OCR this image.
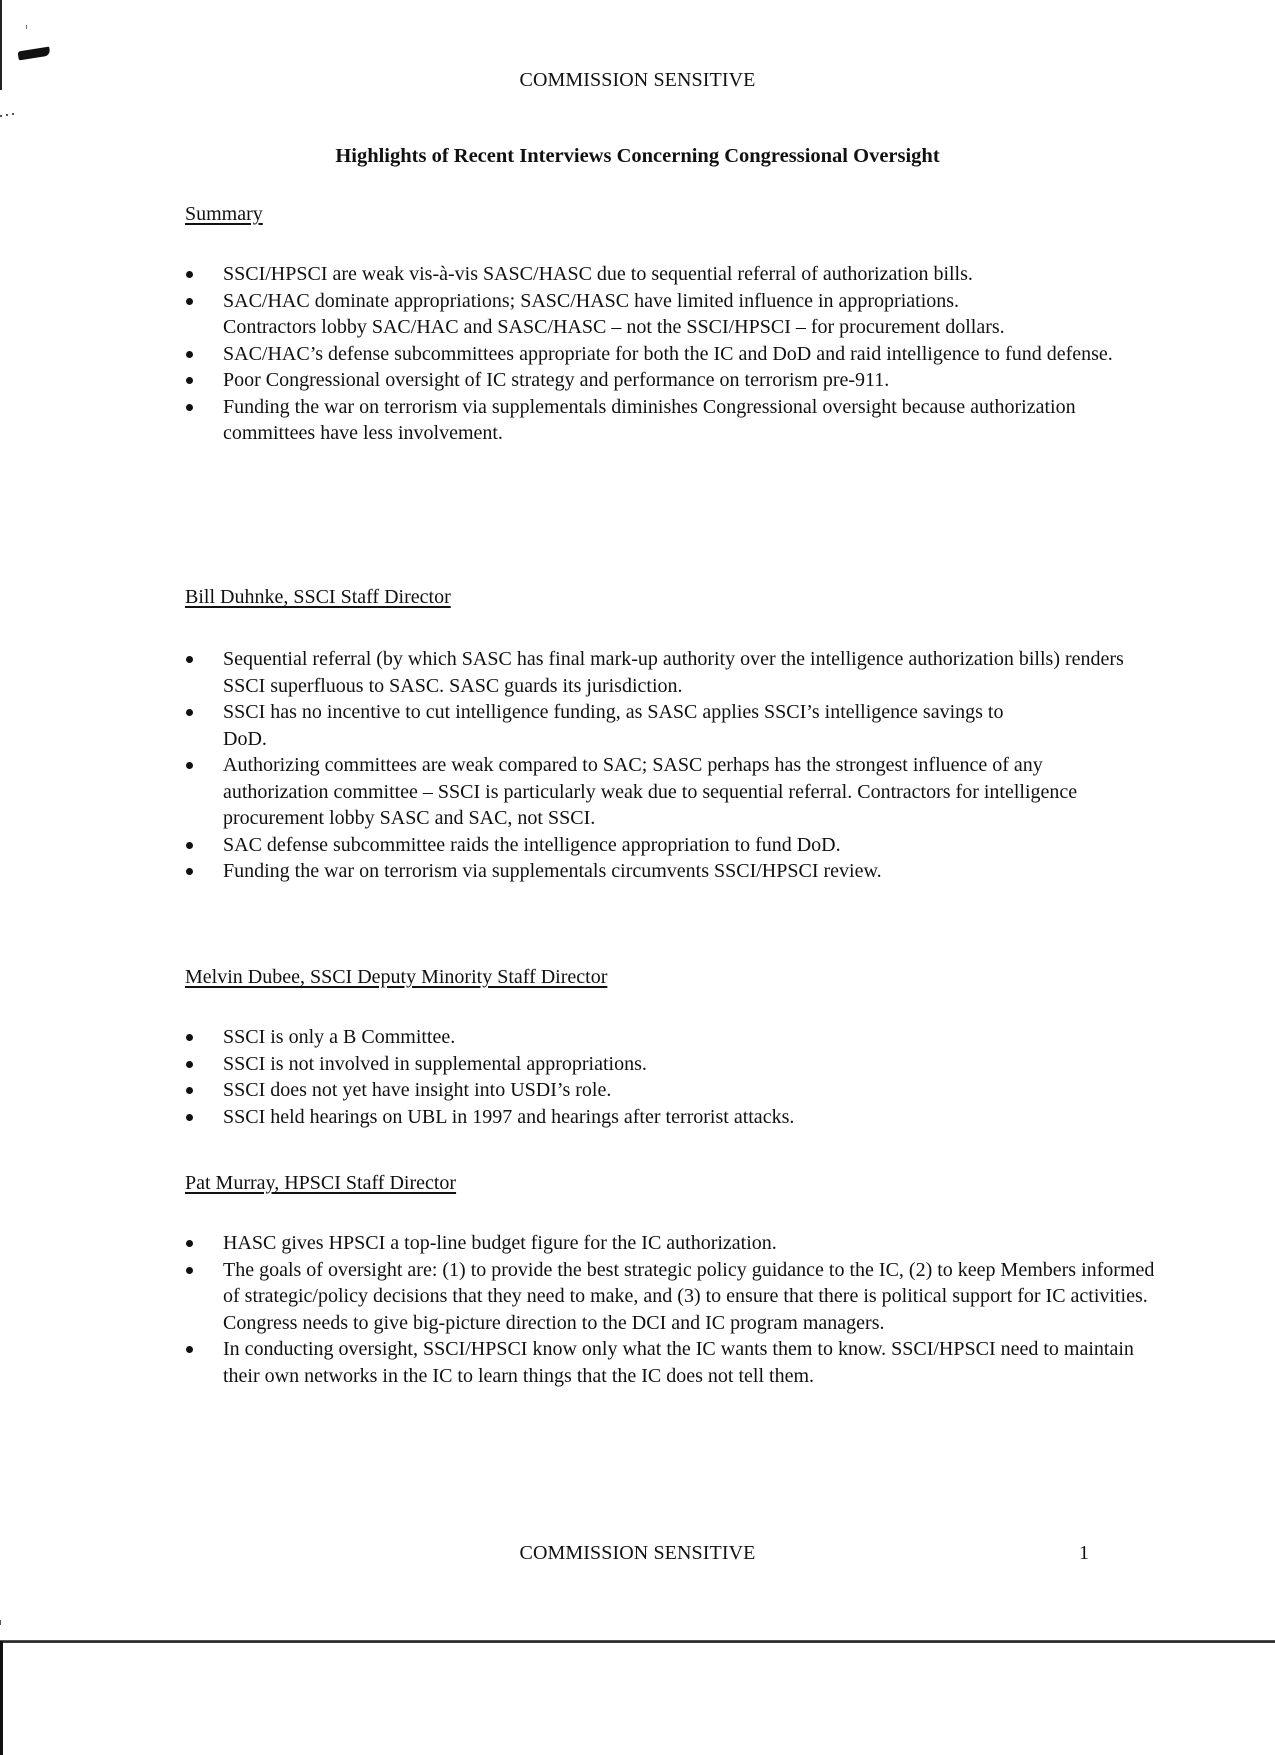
COMMISSION SENSITIVE
Highlights of Recent Interviews Concerning Congressional Oversight
Summary
SSCI/HPSCI are weak vis-à-vis SASC/HASC due to sequential referral of authorization bills.
SAC/HAC dominate appropriations; SASC/HASC have limited influence in appropriations. Contractors lobby SAC/HAC and SASC/HASC – not the SSCI/HPSCI – for procurement dollars.
SAC/HAC’s defense subcommittees appropriate for both the IC and DoD and raid intelligence to fund defense.
Poor Congressional oversight of IC strategy and performance on terrorism pre-911.
Funding the war on terrorism via supplementals diminishes Congressional oversight because authorization committees have less involvement.
Bill Duhnke, SSCI Staff Director
Sequential referral (by which SASC has final mark-up authority over the intelligence authorization bills) renders SSCI superfluous to SASC. SASC guards its jurisdiction.
SSCI has no incentive to cut intelligence funding, as SASC applies SSCI’s intelligence savings to DoD.
Authorizing committees are weak compared to SAC; SASC perhaps has the strongest influence of any authorization committee – SSCI is particularly weak due to sequential referral. Contractors for intelligence procurement lobby SASC and SAC, not SSCI.
SAC defense subcommittee raids the intelligence appropriation to fund DoD.
Funding the war on terrorism via supplementals circumvents SSCI/HPSCI review.
Melvin Dubee, SSCI Deputy Minority Staff Director
SSCI is only a B Committee.
SSCI is not involved in supplemental appropriations.
SSCI does not yet have insight into USDI’s role.
SSCI held hearings on UBL in 1997 and hearings after terrorist attacks.
Pat Murray, HPSCI Staff Director
HASC gives HPSCI a top-line budget figure for the IC authorization.
The goals of oversight are: (1) to provide the best strategic policy guidance to the IC, (2) to keep Members informed of strategic/policy decisions that they need to make, and (3) to ensure that there is political support for IC activities. Congress needs to give big-picture direction to the DCI and IC program managers.
In conducting oversight, SSCI/HPSCI know only what the IC wants them to know. SSCI/HPSCI need to maintain their own networks in the IC to learn things that the IC does not tell them.
COMMISSION SENSITIVE	1
